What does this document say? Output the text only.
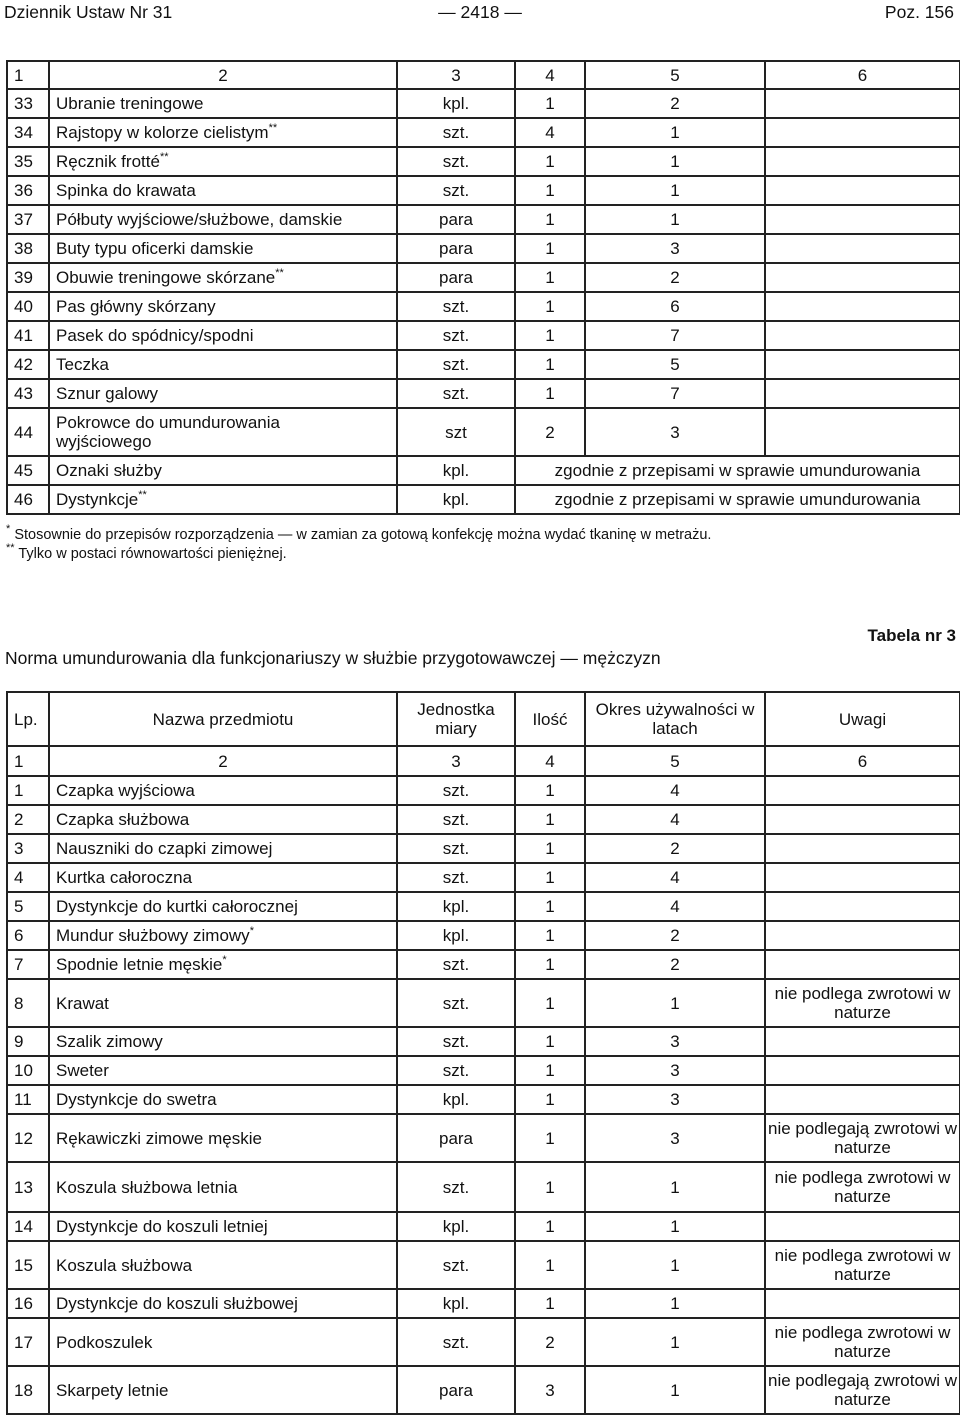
Dziennik Ustaw Nr 31	— 2418 —	Poz. 156
1	2	3	4	5	6
33	Ubranie treningowe	kpl.	1	2	
34	Rajstopy w kolorze cielistym**	szt.	4	1	
35	Ręcznik frotté**	szt.	1	1	
36	Spinka do krawata	szt.	1	1	
37	Półbuty wyjściowe/służbowe, damskie	para	1	1	
38	Buty typu oficerki damskie	para	1	3	
39	Obuwie treningowe skórzane**	para	1	2	
40	Pas główny skórzany	szt.	1	6	
41	Pasek do spódnicy/spodni	szt.	1	7	
42	Teczka	szt.	1	5	
43	Sznur galowy	szt.	1	7	
44	Pokrowce do umundurowania wyjściowego	szt	2	3	
45	Oznaki służby	kpl.	zgodnie z przepisami w sprawie umundurowania		
46	Dystynkcje**	kpl.	zgodnie z przepisami w sprawie umundurowania		
* Stosownie do przepisów rozporządzenia — w zamian za gotową konfekcję można wydać tkaninę w metrażu.
** Tylko w postaci równowartości pieniężnej.
Tabela nr 3
Norma umundurowania dla funkcjonariuszy w służbie przygotowawczej — mężczyzn
Lp.	Nazwa przedmiotu	Jednostka miary	Ilość	Okres używalności w latach	Uwagi
1	2	3	4	5	6
1	Czapka wyjściowa	szt.	1	4	
2	Czapka służbowa	szt.	1	4	
3	Nauszniki do czapki zimowej	szt.	1	2	
4	Kurtka całoroczna	szt.	1	4	
5	Dystynkcje do kurtki całorocznej	kpl.	1	4	
6	Mundur służbowy zimowy*	kpl.	1	2	
7	Spodnie letnie męskie*	szt.	1	2	
8	Krawat	szt.	1	1	nie podlega zwrotowi w naturze
9	Szalik zimowy	szt.	1	3	
10	Sweter	szt.	1	3	
11	Dystynkcje do swetra	kpl.	1	3	
12	Rękawiczki zimowe męskie	para	1	3	nie podlegają zwrotowi w naturze
13	Koszula służbowa letnia	szt.	1	1	nie podlega zwrotowi w naturze
14	Dystynkcje do koszuli letniej	kpl.	1	1	
15	Koszula służbowa	szt.	1	1	nie podlega zwrotowi w naturze
16	Dystynkcje do koszuli służbowej	kpl.	1	1	
17	Podkoszulek	szt.	2	1	nie podlega zwrotowi w naturze
18	Skarpety letnie	para	3	1	nie podlegają zwrotowi w naturze
